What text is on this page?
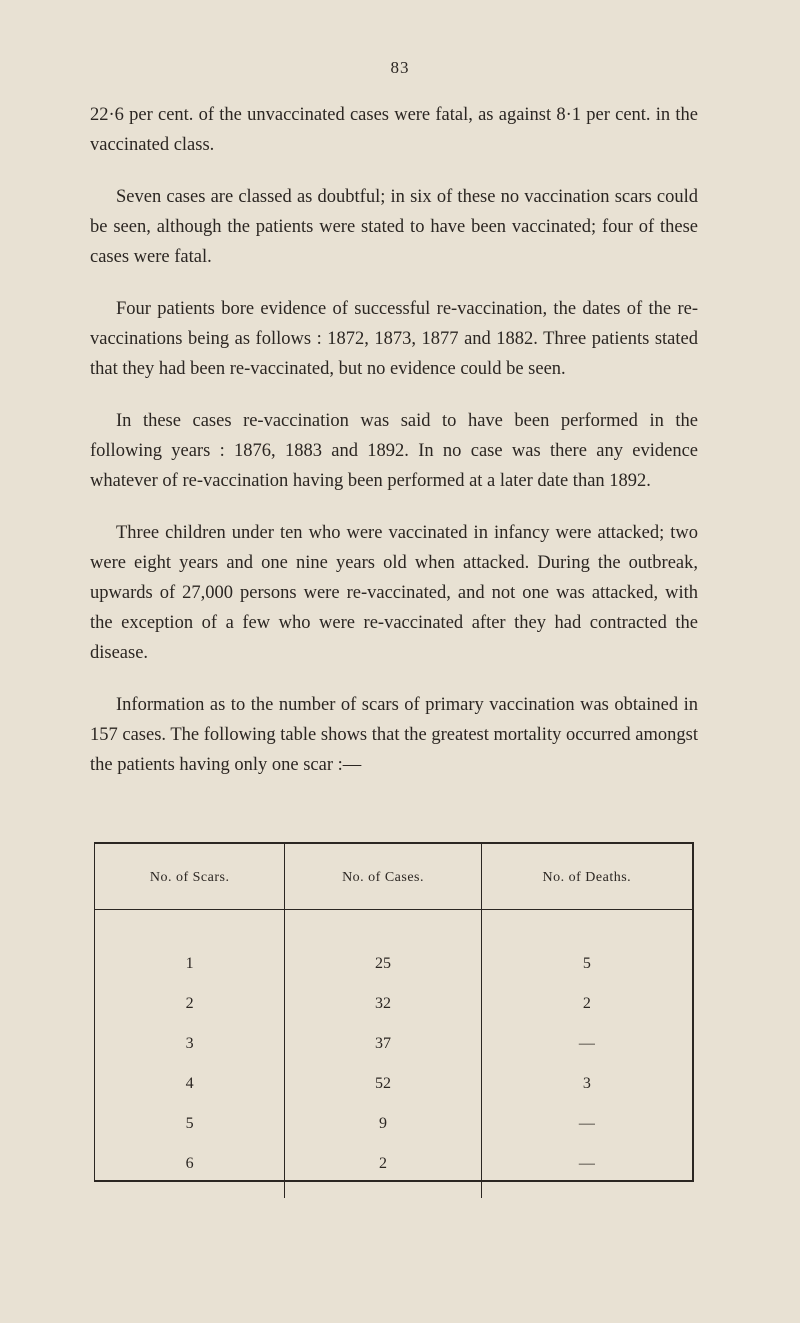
83

22·6 per cent. of the unvaccinated cases were fatal, as against 8·1 per cent. in the vaccinated class.

Seven cases are classed as doubtful; in six of these no vaccination scars could be seen, although the patients were stated to have been vaccinated; four of these cases were fatal.

Four patients bore evidence of successful re-vaccination, the dates of the re-vaccinations being as follows : 1872, 1873, 1877 and 1882. Three patients stated that they had been re-vaccinated, but no evidence could be seen.

In these cases re-vaccination was said to have been performed in the following years : 1876, 1883 and 1892. In no case was there any evidence whatever of re-vaccination having been performed at a later date than 1892.

Three children under ten who were vaccinated in infancy were attacked; two were eight years and one nine years old when attacked. During the outbreak, upwards of 27,000 persons were re-vaccinated, and not one was attacked, with the exception of a few who were re-vaccinated after they had contracted the disease.

Information as to the number of scars of primary vaccination was obtained in 157 cases. The following table shows that the greatest mortality occurred amongst the patients having only one scar :—

No. of Scars.	No. of Cases.	No. of Deaths.
1	25	5
2	32	2
3	37	—
4	52	3
5	9	—
6	2	—
